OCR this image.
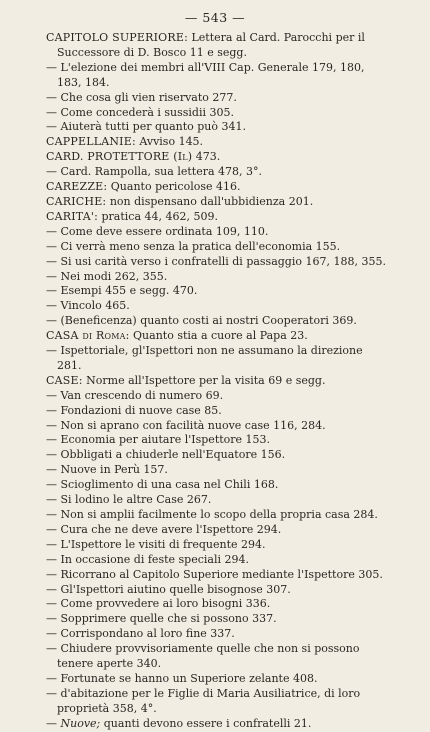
— 543 —

CAPITOLO SUPERIORE: Lettera al Card. Parocchi per il Successore di D. Bosco 11 e segg.

— L'elezione dei membri all'VIII Cap. Generale 179, 180, 183, 184.

— Che cosa gli vien riservato 277.

— Come concederà i sussidii 305.

— Aiuterà tutti per quanto può 341.

CAPPELLANIE: Avviso 145.

CARD. PROTETTORE (Il) 473.

— Card. Rampolla, sua lettera 478, 3°.

CAREZZE: Quanto pericolose 416.

CARICHE: non dispensano dall'ubbidienza 201.

CARITA': pratica 44, 462, 509.

— Come deve essere ordinata 109, 110.

— Ci verrà meno senza la pratica dell'economia 155.

— Si usi carità verso i confratelli di passaggio 167, 188, 355.

— Nei modi 262, 355.

— Esempi 455 e segg. 470.

— Vincolo 465.

— (Beneficenza) quanto costi ai nostri Cooperatori 369.

CASA di Roma: Quanto stia a cuore al Papa 23.

— Ispettoriale, gl'Ispettori non ne assumano la direzione 281.

CASE: Norme all'Ispettore per la visita 69 e segg.

— Van crescendo di numero 69.

— Fondazioni di nuove case 85.

— Non si aprano con facilità nuove case 116, 284.

— Economia per aiutare l'Ispettore 153.

— Obbligati a chiuderle nell'Equatore 156.

— Nuove in Perù 157.

— Scioglimento di una casa nel Chili 168.

— Si lodino le altre Case 267.

— Non si amplii facilmente lo scopo della propria casa 284.

— Cura che ne deve avere l'Ispettore 294.

— L'Ispettore le visiti di frequente 294.

— In occasione di feste speciali 294.

— Ricorrano al Capitolo Superiore mediante l'Ispettore 305.

— Gl'Ispettori aiutino quelle bisognose 307.

— Come provvedere ai loro bisogni 336.

— Sopprimere quelle che si possono 337.

— Corrispondano al loro fine 337.

— Chiudere provvisoriamente quelle che non si possono tenere aperte 340.

— Fortunate se hanno un Superiore zelante 408.

— d'abitazione per le Figlie di Maria Ausiliatrice, di loro proprietà 358, 4°.

— Nuove; quanti devono essere i confratelli 21.
